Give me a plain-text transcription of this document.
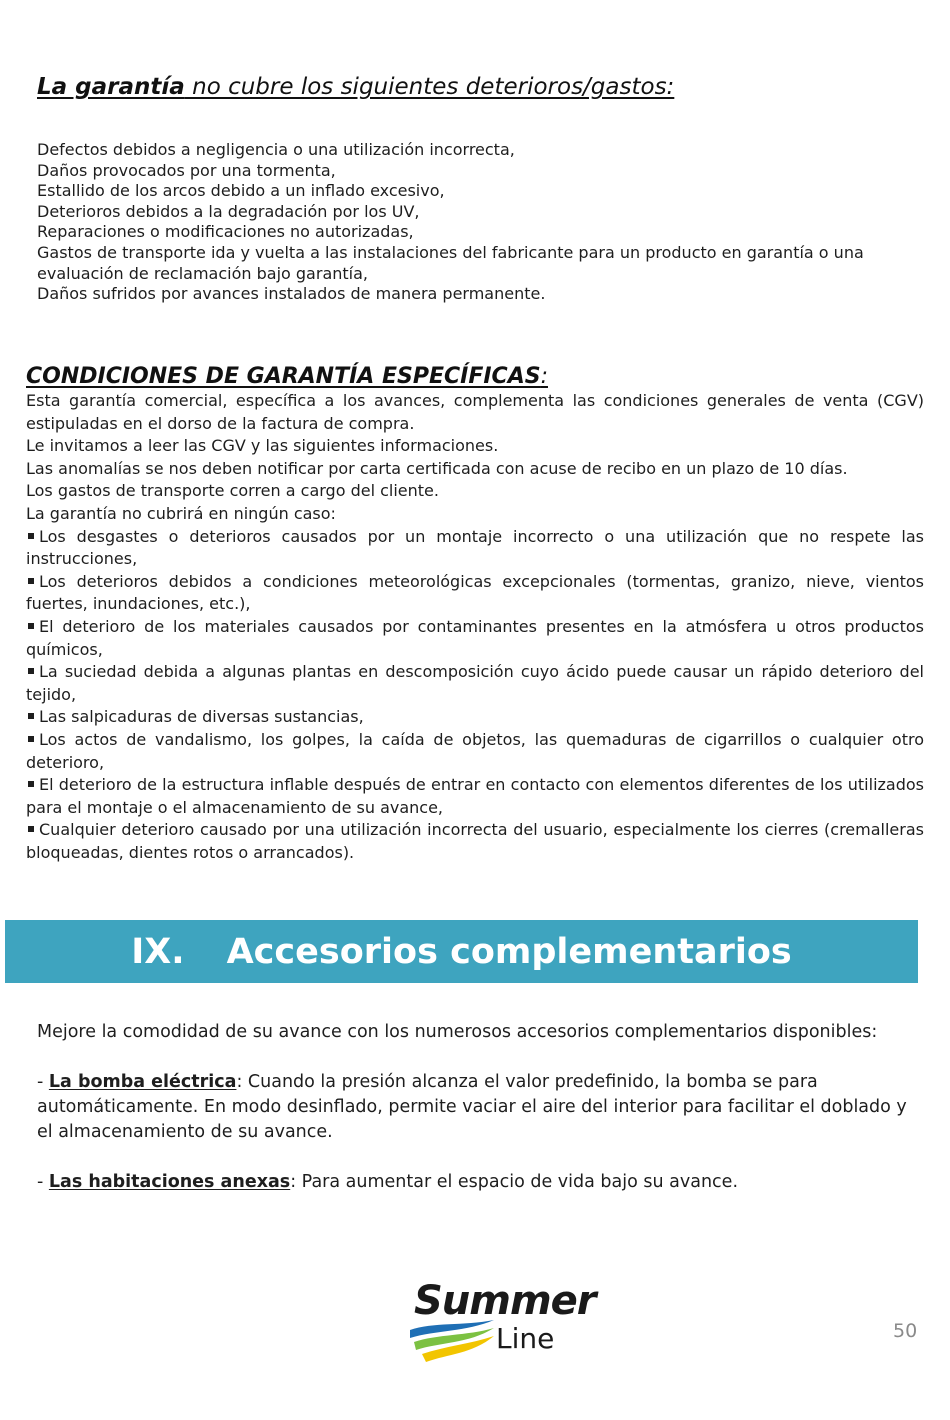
La garantía no cubre los siguientes deterioros/gastos:
Defectos debidos a negligencia o una utilización incorrecta,
Daños provocados por una tormenta,
Estallido de los arcos debido a un inflado excesivo,
Deterioros debidos a la degradación por los UV,
Reparaciones o modificaciones no autorizadas,
Gastos de transporte ida y vuelta a las instalaciones del fabricante para un producto en garantía o una evaluación de reclamación bajo garantía,
Daños sufridos por avances instalados de manera permanente.
CONDICIONES DE GARANTÍA ESPECÍFICAS:
Esta garantía comercial, específica a los avances, complementa las condiciones generales de venta (CGV) estipuladas en el dorso de la factura de compra.
Le invitamos a leer las CGV y las siguientes informaciones.
Las anomalías se nos deben notificar por carta certificada con acuse de recibo en un plazo de 10 días.
Los gastos de transporte corren a cargo del cliente.
La garantía no cubrirá en ningún caso:
Los desgastes o deterioros causados por un montaje incorrecto o una utilización que no respete las instrucciones,
Los deterioros debidos a condiciones meteorológicas excepcionales (tormentas, granizo, nieve, vientos fuertes, inundaciones, etc.),
El deterioro de los materiales causados por contaminantes presentes en la atmósfera u otros productos químicos,
La suciedad debida a algunas plantas en descomposición cuyo ácido puede causar un rápido deterioro del tejido,
Las salpicaduras de diversas sustancias,
Los actos de vandalismo, los golpes, la caída de objetos, las quemaduras de cigarrillos o cualquier otro deterioro,
El deterioro de la estructura inflable después de entrar en contacto con elementos diferentes de los utilizados para el montaje o el almacenamiento de su avance,
Cualquier deterioro causado por una utilización incorrecta del usuario, especialmente los cierres (cremalleras bloqueadas, dientes rotos o arrancados).
IX. Accesorios complementarios

Mejore la comodidad de su avance con los numerosos accesorios complementarios disponibles:

- La bomba eléctrica: Cuando la presión alcanza el valor predefinido, la bomba se para automáticamente. En modo desinflado, permite vaciar el aire del interior para facilitar el doblado y el almacenamiento de su avance.

- Las habitaciones anexas: Para aumentar el espacio de vida bajo su avance.

Summer
Line	50
